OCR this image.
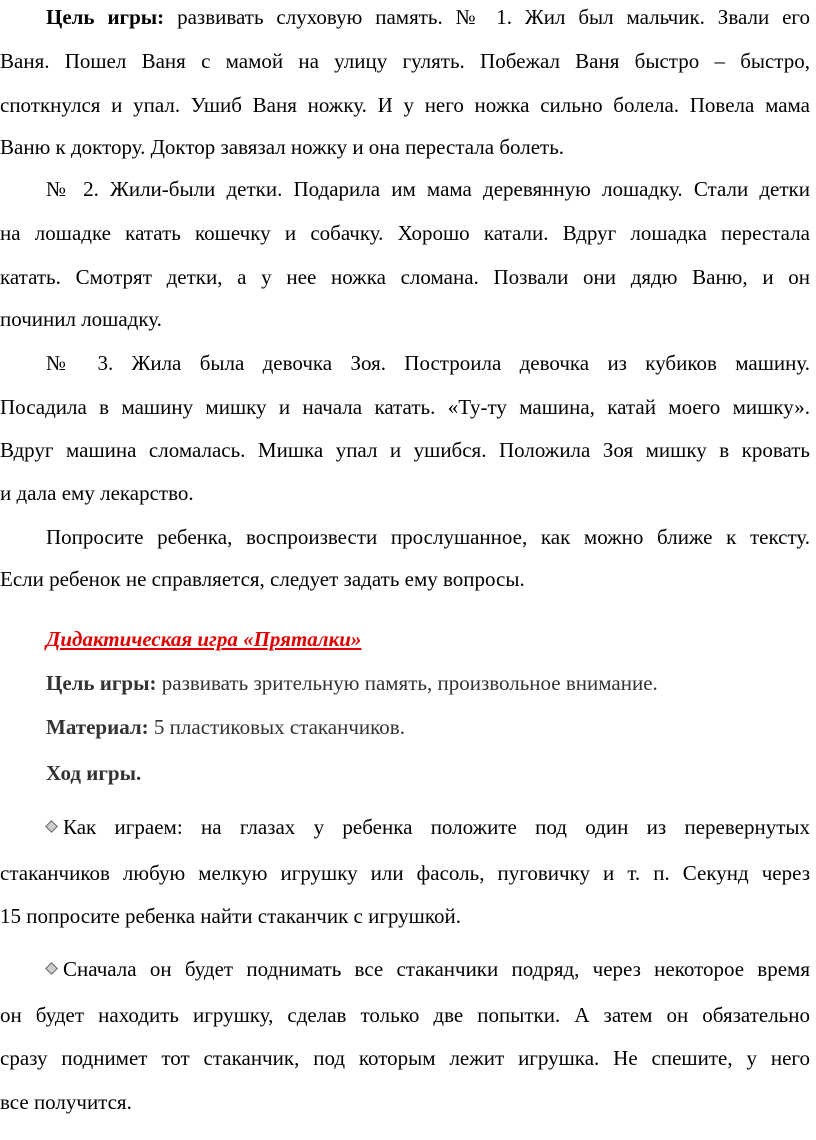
Цель игры: развивать слуховую память. № 1. Жил был мальчик. Звали его
Ваня. Пошел Ваня с мамой на улицу гулять. Побежал Ваня быстро – быстро,
споткнулся и упал. Ушиб Ваня ножку. И у него ножка сильно болела. Повела мама
Ваню к доктору. Доктор завязал ножку и она перестала болеть.
№ 2. Жили-были детки. Подарила им мама деревянную лошадку. Стали детки
на лошадке катать кошечку и собачку. Хорошо катали. Вдруг лошадка перестала
катать. Смотрят детки, а у нее ножка сломана. Позвали они дядю Ваню, и он
починил лошадку.
№ 3. Жила была девочка Зоя. Построила девочка из кубиков машину.
Посадила в машину мишку и начала катать. «Ту-ту машина, катай моего мишку».
Вдруг машина сломалась. Мишка упал и ушибся. Положила Зоя мишку в кровать
и дала ему лекарство.
Попросите ребенка, воспроизвести прослушанное, как можно ближе к тексту.
Если ребенок не справляется, следует задать ему вопросы.
Дидактическая игра «Пряталки»
Цель игры: развивать зрительную память, произвольное внимание.
Материал: 5 пластиковых стаканчиков.
Ход игры.
Как играем: на глазах у ребенка положите под один из перевернутых
стаканчиков любую мелкую игрушку или фасоль, пуговичку и т. п. Секунд через
15 попросите ребенка найти стаканчик с игрушкой.
Сначала он будет поднимать все стаканчики подряд, через некоторое время
он будет находить игрушку, сделав только две попытки. А затем он обязательно
сразу поднимет тот стаканчик, под которым лежит игрушка. Не спешите, у него
все получится.
